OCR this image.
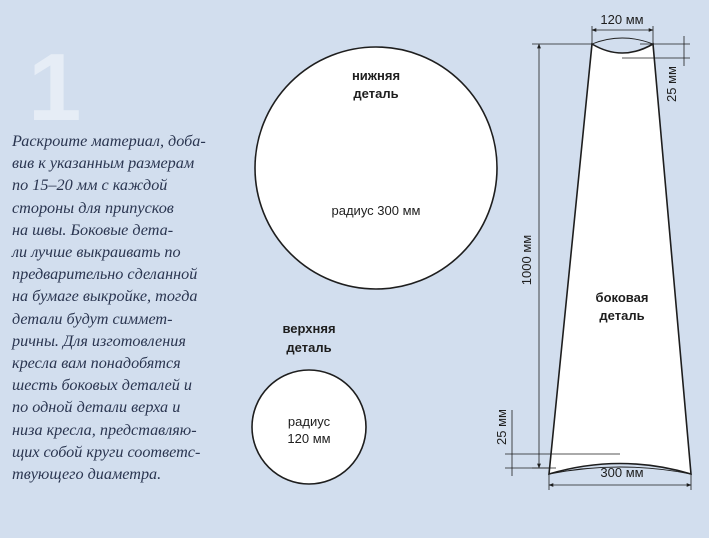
1

Раскроите материал, доба-
вив к указанным размерам
по 15–20 мм с каждой
стороны для припусков
на швы. Боковые дета-
ли лучше выкраивать по
предварительно сделанной
на бумаге выкройке, тогда
детали будут симмет-
ричны. Для изготовления
кресла вам понадобятся
шесть боковых деталей и
по одной детали верха и
низа кресла, представляю-
щих собой круги соответс-
твующего диаметра.

нижняя
деталь
радиус 300 мм
верхняя
деталь
радиус
120 мм
боковая
деталь
120 мм
25 мм
1000 мм
25 мм
300 мм
